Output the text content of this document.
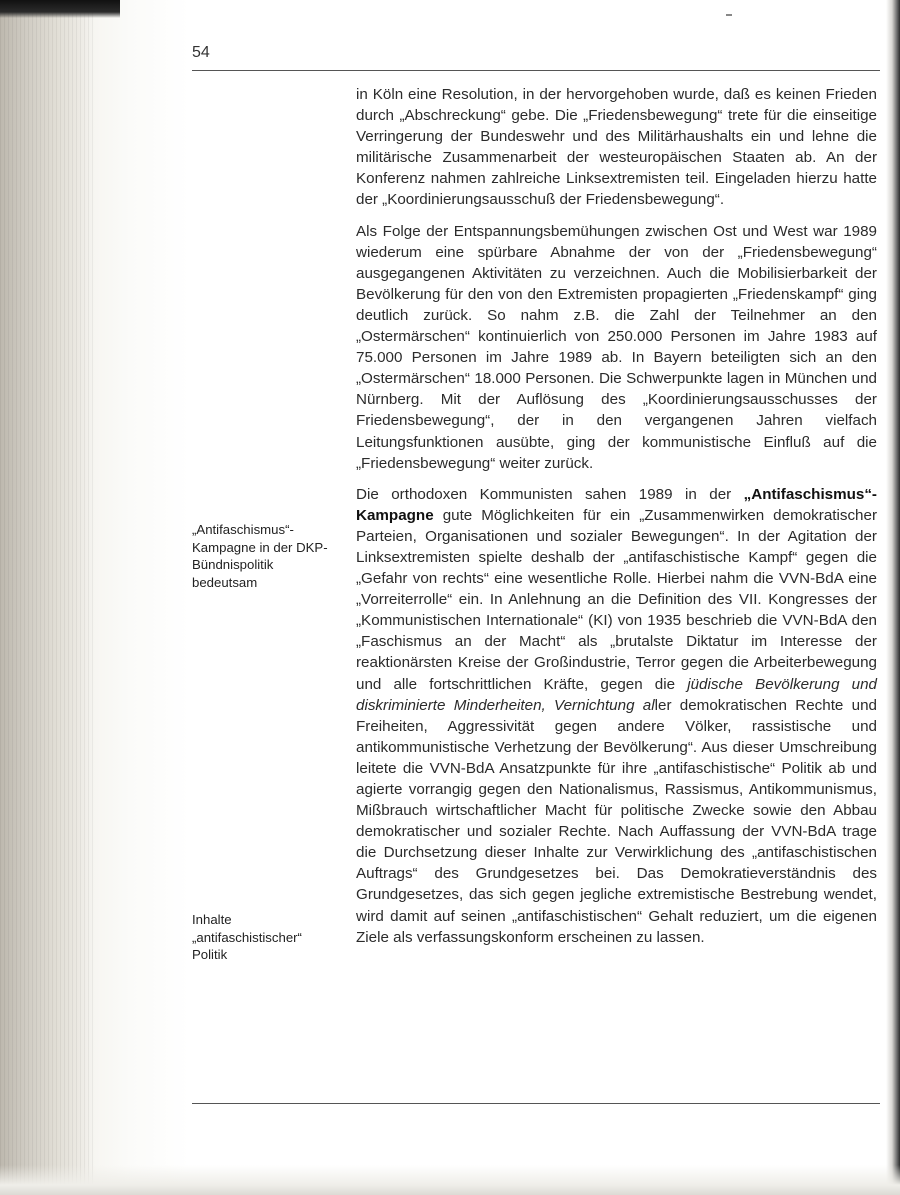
54
„Antifaschismus“-Kampagne in der DKP-Bündnispolitik bedeutsam
Inhalte „antifaschistischer“ Politik

in Köln eine Resolution, in der hervorgehoben wurde, daß es keinen Frieden durch „Abschreckung“ gebe. Die „Friedensbewegung“ trete für die einseitige Verringerung der Bundeswehr und des Militärhaushalts ein und lehne die militärische Zusammenarbeit der westeuropäischen Staaten ab. An der Konferenz nahmen zahlreiche Linksextremisten teil. Eingeladen hierzu hatte der „Koordinierungsausschuß der Friedensbewegung“.

Als Folge der Entspannungsbemühungen zwischen Ost und West war 1989 wiederum eine spürbare Abnahme der von der „Friedensbewegung“ ausgegangenen Aktivitäten zu verzeichnen. Auch die Mobilisierbarkeit der Bevölkerung für den von den Extremisten propagierten „Friedenskampf“ ging deutlich zurück. So nahm z.B. die Zahl der Teilnehmer an den „Ostermärschen“ kontinuierlich von 250.000 Personen im Jahre 1983 auf 75.000 Personen im Jahre 1989 ab. In Bayern beteiligten sich an den „Ostermärschen“ 18.000 Personen. Die Schwerpunkte lagen in München und Nürnberg. Mit der Auflösung des „Koordinierungsausschusses der Friedensbewegung“, der in den vergangenen Jahren vielfach Leitungsfunktionen ausübte, ging der kommunistische Einfluß auf die „Friedensbewegung“ weiter zurück.

Die orthodoxen Kommunisten sahen 1989 in der „Antifaschismus“-Kampagne gute Möglichkeiten für ein „Zusammenwirken demokratischer Parteien, Organisationen und sozialer Bewegungen“. In der Agitation der Linksextremisten spielte deshalb der „antifaschistische Kampf“ gegen die „Gefahr von rechts“ eine wesentliche Rolle. Hierbei nahm die VVN-BdA eine „Vorreiterrolle“ ein. In Anlehnung an die Definition des VII. Kongresses der „Kommunistischen Internationale“ (KI) von 1935 beschrieb die VVN-BdA den „Faschismus an der Macht“ als „brutalste Diktatur im Interesse der reaktionärsten Kreise der Großindustrie, Terror gegen die Arbeiterbewegung und alle fortschrittlichen Kräfte, gegen die jüdische Bevölkerung und diskriminierte Minderheiten, Vernichtung aller demokratischen Rechte und Freiheiten, Aggressivität gegen andere Völker, rassistische und antikommunistische Verhetzung der Bevölkerung“. Aus dieser Umschreibung leitete die VVN-BdA Ansatzpunkte für ihre „antifaschistische“ Politik ab und agierte vorrangig gegen den Nationalismus, Rassismus, Antikommunismus, Mißbrauch wirtschaftlicher Macht für politische Zwecke sowie den Abbau demokratischer und sozialer Rechte. Nach Auffassung der VVN-BdA trage die Durchsetzung dieser Inhalte zur Verwirklichung des „antifaschistischen Auftrags“ des Grundgesetzes bei. Das Demokratieverständnis des Grundgesetzes, das sich gegen jegliche extremistische Bestrebung wendet, wird damit auf seinen „antifaschistischen“ Gehalt reduziert, um die eigenen Ziele als verfassungskonform erscheinen zu lassen.
